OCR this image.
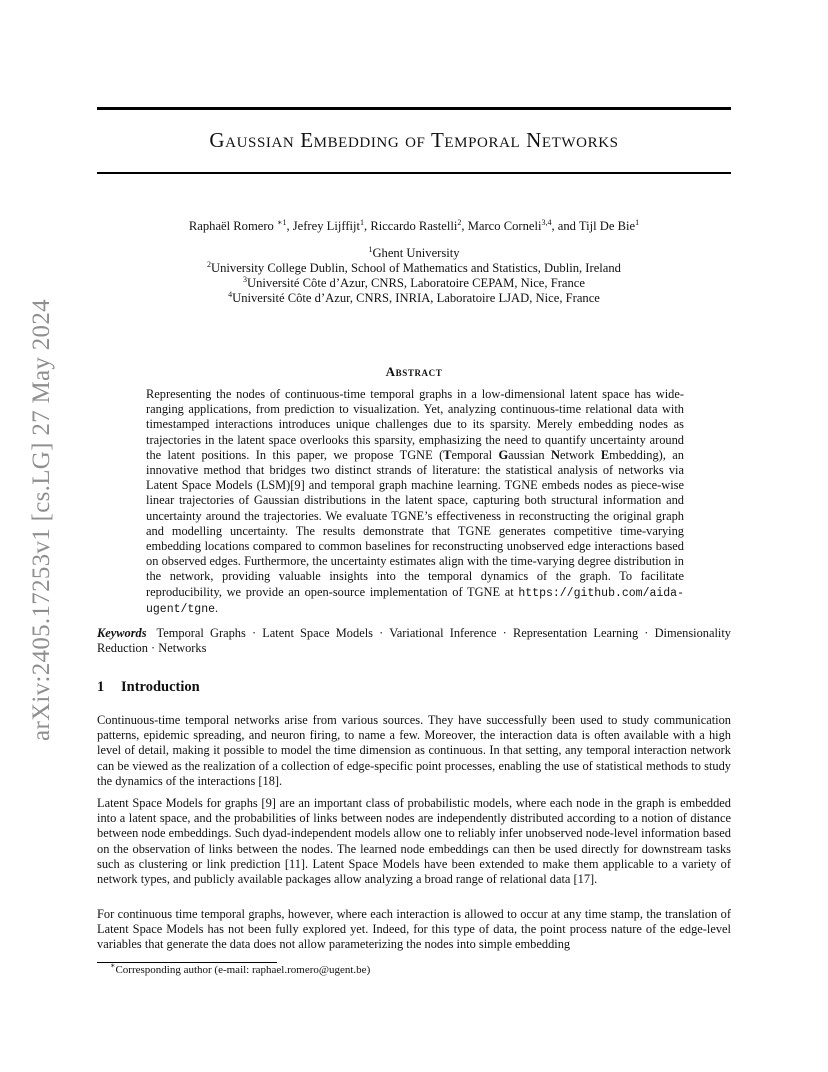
arXiv:2405.17253v1 [cs.LG] 27 May 2024
Gaussian Embedding of Temporal Networks
Raphaël Romero $^{∗1}$, Jefrey Lijffijt$^1$, Riccardo Rastelli$^2$, Marco Corneli$^{3,4}$, and Tijl De Bie$^1$
$^1$Ghent University
$^2$University College Dublin, School of Mathematics and Statistics, Dublin, Ireland
$^3$Université Côte d’Azur, CNRS, Laboratoire CEPAM, Nice, France
$^4$Université Côte d’Azur, CNRS, INRIA, Laboratoire LJAD, Nice, France
Abstract
Representing the nodes of continuous-time temporal graphs in a low-dimensional latent space has wide-ranging applications, from prediction to visualization. Yet, analyzing continuous-time relational data with timestamped interactions introduces unique challenges due to its sparsity. Merely embedding nodes as trajectories in the latent space overlooks this sparsity, emphasizing the need to quantify uncertainty around the latent positions. In this paper, we propose TGNE (Temporal Gaussian Network Embedding), an innovative method that bridges two distinct strands of literature: the statistical analysis of networks via Latent Space Models (LSM)[9] and temporal graph machine learning. TGNE embeds nodes as piece-wise linear trajectories of Gaussian distributions in the latent space, capturing both structural information and uncertainty around the trajectories. We evaluate TGNE’s effectiveness in reconstructing the original graph and modelling uncertainty. The results demonstrate that TGNE generates competitive time-varying embedding locations compared to common baselines for reconstructing unobserved edge interactions based on observed edges. Furthermore, the uncertainty estimates align with the time-varying degree distribution in the network, providing valuable insights into the temporal dynamics of the graph. To facilitate reproducibility, we provide an open-source implementation of TGNE at https://github.com/aida-ugent/tgne.
Keywords Temporal Graphs · Latent Space Models · Variational Inference · Representation Learning · Dimensionality Reduction · Networks
1 Introduction
Continuous-time temporal networks arise from various sources. They have successfully been used to study communication patterns, epidemic spreading, and neuron firing, to name a few. Moreover, the interaction data is often available with a high level of detail, making it possible to model the time dimension as continuous. In that setting, any temporal interaction network can be viewed as the realization of a collection of edge-specific point processes, enabling the use of statistical methods to study the dynamics of the interactions [18].
Latent Space Models for graphs [9] are an important class of probabilistic models, where each node in the graph is embedded into a latent space, and the probabilities of links between nodes are independently distributed according to a notion of distance between node embeddings. Such dyad-independent models allow one to reliably infer unobserved node-level information based on the observation of links between the nodes. The learned node embeddings can then be used directly for downstream tasks such as clustering or link prediction [11]. Latent Space Models have been extended to make them applicable to a variety of network types, and publicly available packages allow analyzing a broad range of relational data [17].
For continuous time temporal graphs, however, where each interaction is allowed to occur at any time stamp, the translation of Latent Space Models has not been fully explored yet. Indeed, for this type of data, the point process nature of the edge-level variables that generate the data does not allow parameterizing the nodes into simple embedding
∗Corresponding author (e-mail: raphael.romero@ugent.be)
